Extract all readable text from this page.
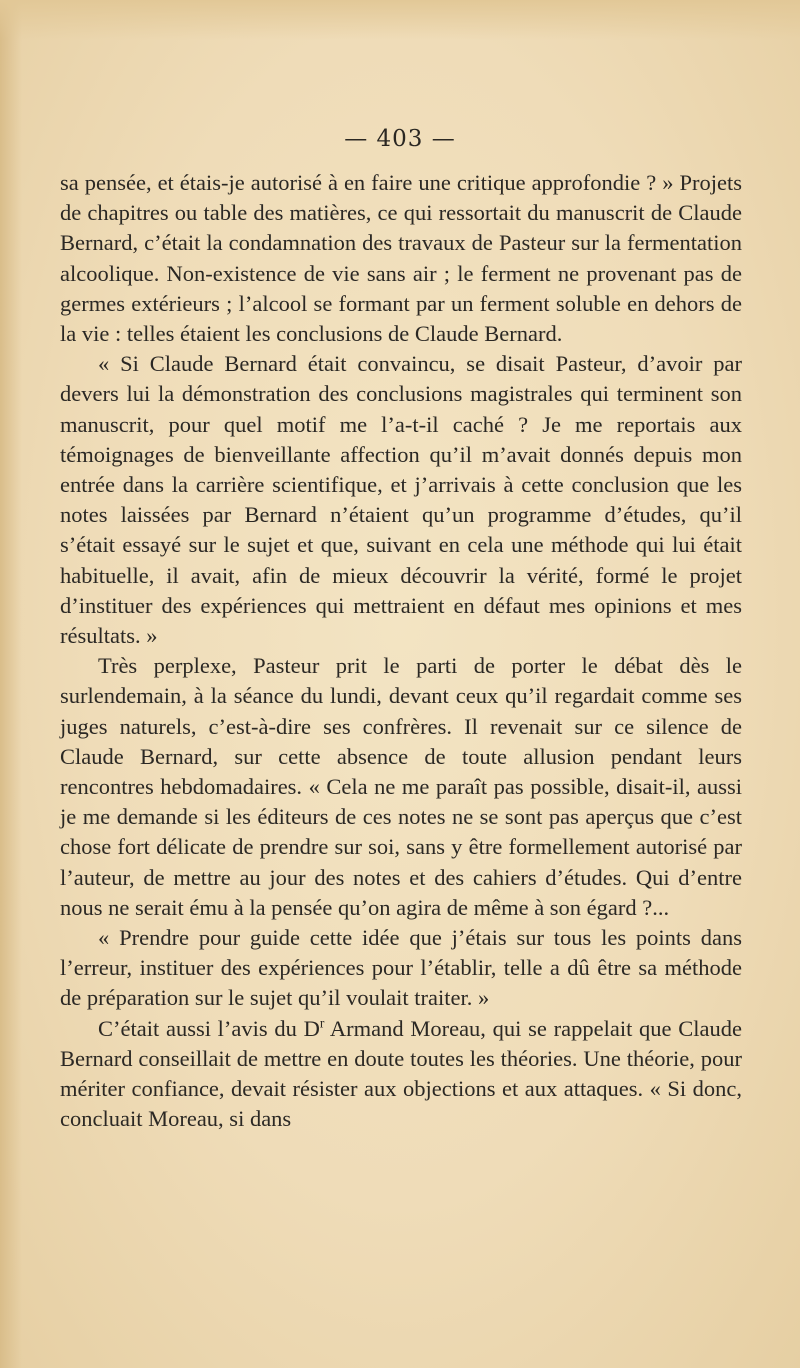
— 403 —

sa pensée, et étais-je autorisé à en faire une critique approfondie ? » Projets de chapitres ou table des matières, ce qui ressortait du manuscrit de Claude Bernard, c’était la condamnation des travaux de Pasteur sur la fermentation alcoolique. Non-existence de vie sans air ; le ferment ne provenant pas de germes extérieurs ; l’alcool se formant par un ferment soluble en dehors de la vie : telles étaient les conclusions de Claude Bernard.

« Si Claude Bernard était convaincu, se disait Pasteur, d’avoir par devers lui la démonstration des conclusions magistrales qui terminent son manuscrit, pour quel motif me l’a-t-il caché ? Je me reportais aux témoignages de bienveillante affection qu’il m’avait donnés depuis mon entrée dans la carrière scientifique, et j’arrivais à cette conclusion que les notes laissées par Bernard n’étaient qu’un programme d’études, qu’il s’était essayé sur le sujet et que, suivant en cela une méthode qui lui était habituelle, il avait, afin de mieux découvrir la vérité, formé le projet d’instituer des expériences qui mettraient en défaut mes opinions et mes résultats. »

Très perplexe, Pasteur prit le parti de porter le débat dès le surlendemain, à la séance du lundi, devant ceux qu’il regardait comme ses juges naturels, c’est-à-dire ses confrères. Il revenait sur ce silence de Claude Bernard, sur cette absence de toute allusion pendant leurs rencontres hebdomadaires. « Cela ne me paraît pas possible, disait-il, aussi je me demande si les éditeurs de ces notes ne se sont pas aperçus que c’est chose fort délicate de prendre sur soi, sans y être formellement autorisé par l’auteur, de mettre au jour des notes et des cahiers d’études. Qui d’entre nous ne serait ému à la pensée qu’on agira de même à son égard ?...

« Prendre pour guide cette idée que j’étais sur tous les points dans l’erreur, instituer des expériences pour l’établir, telle a dû être sa méthode de préparation sur le sujet qu’il voulait traiter. »

C’était aussi l’avis du $D^r$ Armand Moreau, qui se rappelait que Claude Bernard conseillait de mettre en doute toutes les théories. Une théorie, pour mériter confiance, devait résister aux objections et aux attaques. « Si donc, concluait Moreau, si dans
